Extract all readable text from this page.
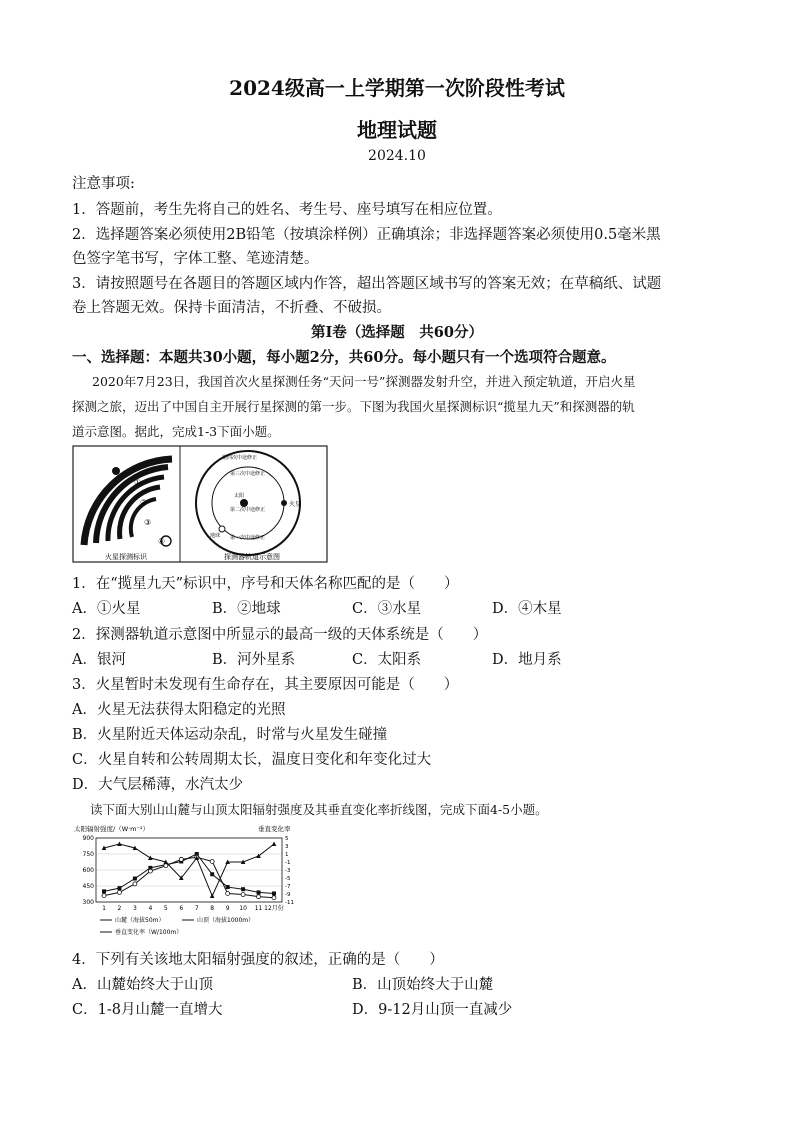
2024级高一上学期第一次阶段性考试
地理试题
2024.10
注意事项:
1．答题前，考生先将自己的姓名、考生号、座号填写在相应位置。
2．选择题答案必须使用2B铅笔（按填涂样例）正确填涂；非选择题答案必须使用0.5毫米黑
色签字笔书写，字体工整、笔迹清楚。
3．请按照题号在各题目的答题区域内作答，超出答题区域书写的答案无效；在草稿纸、试题
卷上答题无效。保持卡面清洁，不折叠、不破损。
第Ⅰ卷（选择题　共60分）
一、选择题：本题共30小题，每小题2分，共60分。每小题只有一个选项符合题意。
2020年7月23日，我国首次火星探测任务“天问一号”探测器发射升空，并进入预定轨道，开启火星
探测之旅，迈出了中国自主开展行星探测的第一步。下图为我国火星探测标识“揽星九天”和探测器的轨
道示意图。据此，完成1-3下面小题。
①
②
③
④
火星探测标识
第四次中途修正
第三次中途修正
第二次中途修正
第一次中途修正
太阳
火星
地球
探测器轨道示意图
1．在“揽星九天”标识中，序号和天体名称匹配的是（　　）
A．①火星	B．②地球	C．③水星	D．④木星
2．探测器轨道示意图中所显示的最高一级的天体系统是（　　）
A．银河	B．河外星系	C．太阳系	D．地月系
3．火星暂时未发现有生命存在，其主要原因可能是（　　）
A．火星无法获得太阳稳定的光照
B．火星附近天体运动杂乱，时常与火星发生碰撞
C．火星自转和公转周期太长，温度日变化和年变化过大
D．大气层稀薄，水汽太少
读下面大别山山麓与山顶太阳辐射强度及其垂直变化率折线图，完成下面4-5小题。
太阳辐射强度/（W·m⁻²）	垂直变化率
900
750
600
450
300
5
3
1
-1
-3
-5
-7
-9
-11
1 2 3 4 5 6 7 8 9 10 11 12月份
山麓（海拔50m）	山顶（海拔1000m）
垂直变化率（W/100m）
4．下列有关该地太阳辐射强度的叙述，正确的是（　　）
A．山麓始终大于山顶	B．山顶始终大于山麓
C．1-8月山麓一直增大	D．9-12月山顶一直减少
